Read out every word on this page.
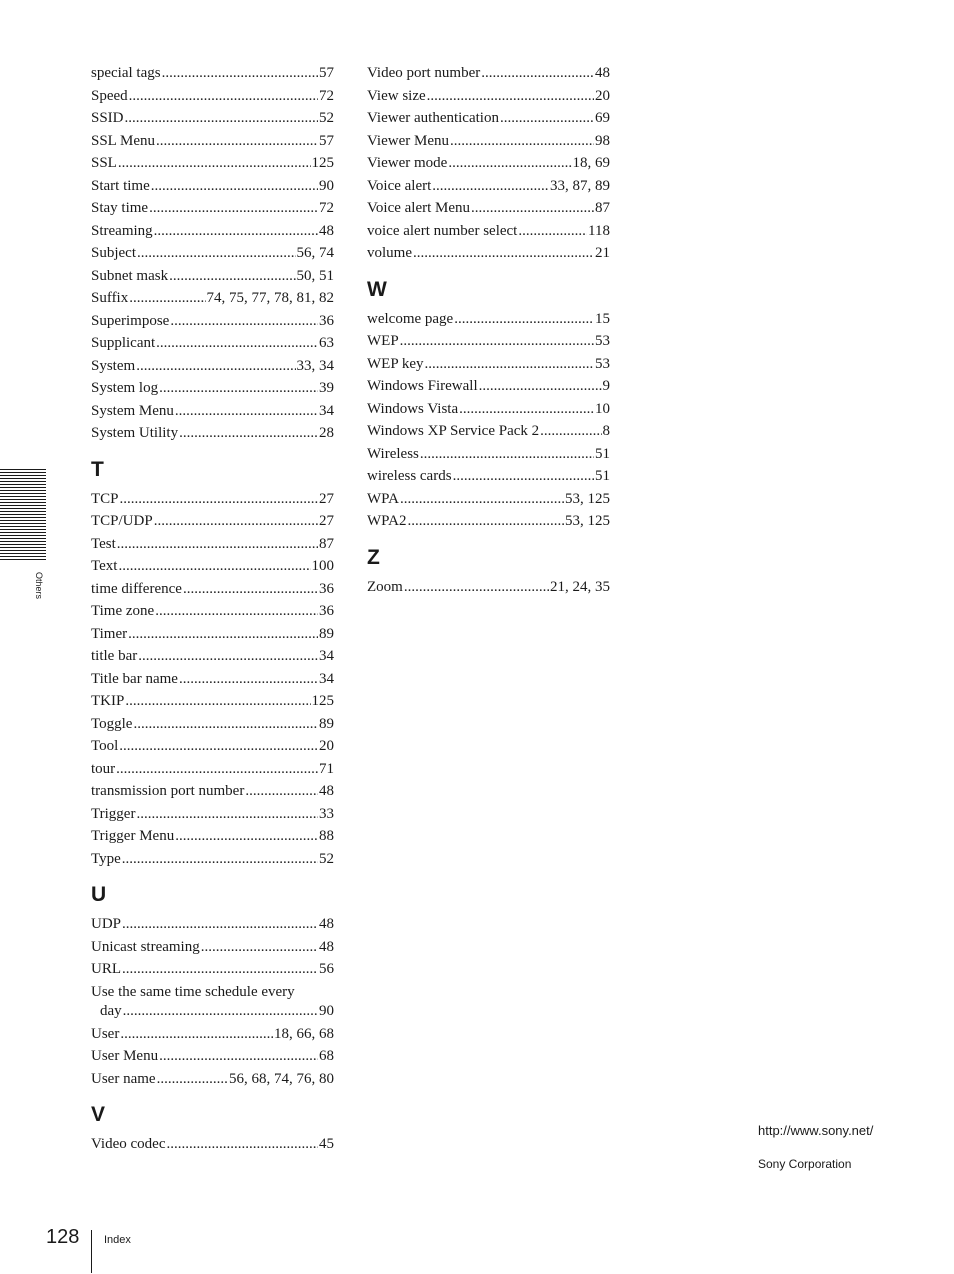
special tags .....	57
Speed .....	72
SSID .....	52
SSL Menu .....	57
SSL .....	125
Start time .....	90
Stay time .....	72
Streaming .....	48
Subject .....	56, 74
Subnet mask .....	50, 51
Suffix .....	74, 75, 77, 78, 81, 82
Superimpose .....	36
Supplicant .....	63
System .....	33, 34
System log .....	39
System Menu .....	34
System Utility .....	28
T
TCP .....	27
TCP/UDP .....	27
Test .....	87
Text .....	100
time difference .....	36
Time zone .....	36
Timer .....	89
title bar .....	34
Title bar name .....	34
TKIP .....	125
Toggle .....	89
Tool .....	20
tour .....	71
transmission port number .....	48
Trigger .....	33
Trigger Menu .....	88
Type .....	52
U
UDP .....	48
Unicast streaming .....	48
URL .....	56
Use the same time schedule every
day .....	90
User .....	18, 66, 68
User Menu .....	68
User name .....	56, 68, 74, 76, 80
V
Video codec .....	45
Video port number .....	48
View size .....	20
Viewer authentication .....	69
Viewer Menu .....	98
Viewer mode .....	18, 69
Voice alert .....	33, 87, 89
Voice alert Menu .....	87
voice alert number select .....	118
volume .....	21
W
welcome page .....	15
WEP .....	53
WEP key .....	53
Windows Firewall .....	9
Windows Vista .....	10
Windows XP Service Pack 2 .....	8
Wireless .....	51
wireless cards .....	51
WPA .....	53, 125
WPA2 .....	53, 125
Z
Zoom .....	21, 24, 35
Others
128 Index
http://www.sony.net/
Sony Corporation
